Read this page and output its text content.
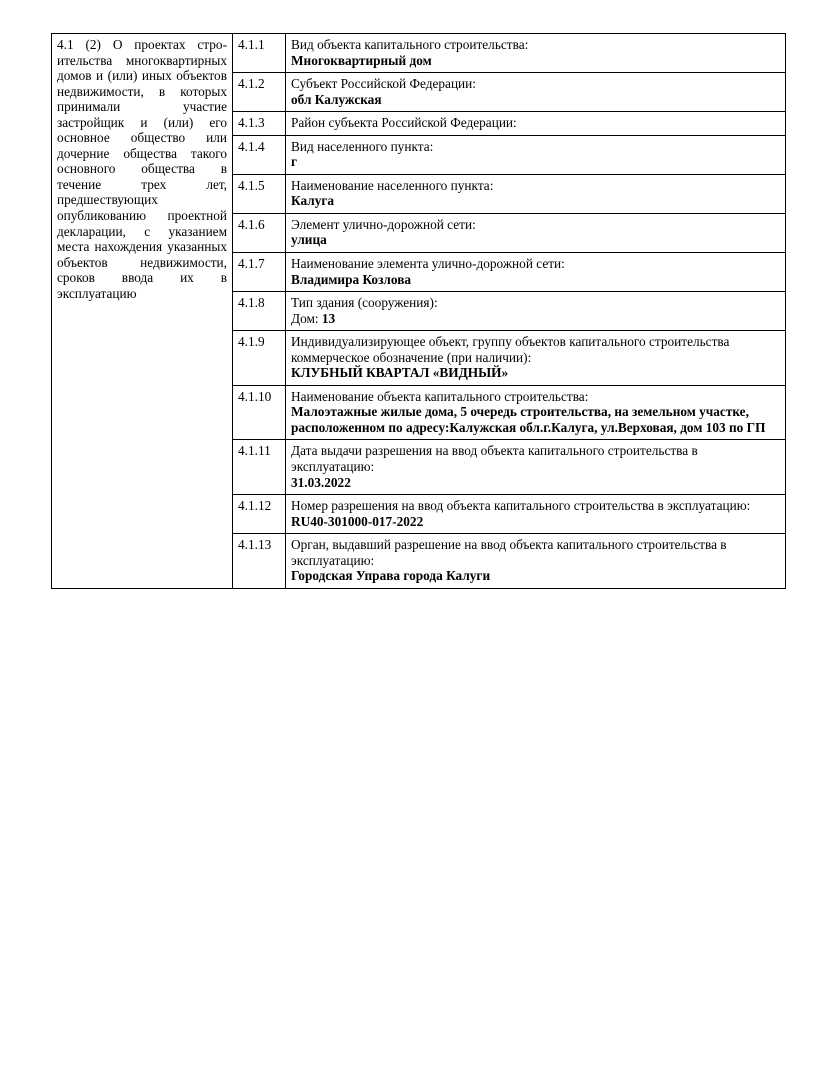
4.1 (2) О проектах строительства многоквартирных домов и (или) иных объектов недвижимости, в которых принимали участие застройщик и (или) его основное общество или дочерние общества такого основного общества в течение трех лет, предшествующих опубликованию проектной декларации, с указанием места нахождения указанных объектов недвижимости, сроков ввода их в эксплуатацию	4.1.1	Вид объекта капитального строительства:
Многоквартирный дом

	4.1.2	Субъект Российской Федерации:
обл Калужская

	4.1.3	Район субъекта Российской Федерации:

	4.1.4	Вид населенного пункта:
г

	4.1.5	Наименование населенного пункта:
Калуга

	4.1.6	Элемент улично-дорожной сети:
улица

	4.1.7	Наименование элемента улично-дорожной сети:
Владимира Козлова

	4.1.8	Тип здания (сооружения):
Дом: 13

	4.1.9	Индивидуализирующее объект, группу объектов капитального строительства коммерческое обозначение (при наличии):
КЛУБНЫЙ КВАРТАЛ «ВИДНЫЙ»

	4.1.10	Наименование объекта капитального строительства:
Малоэтажные жилые дома, 5 очередь строительства, на земельном участке, расположенном по адресу:Калужская обл.г.Калуга, ул.Верховая, дом 103 по ГП

	4.1.11	Дата выдачи разрешения на ввод объекта капитального строительства в эксплуатацию:
31.03.2022

	4.1.12	Номер разрешения на ввод объекта капитального строительства в эксплуатацию:
RU40-301000-017-2022

	4.1.13	Орган, выдавший разрешение на ввод объекта капитального строительства в эксплуатацию:
Городская Управа города Калуги
